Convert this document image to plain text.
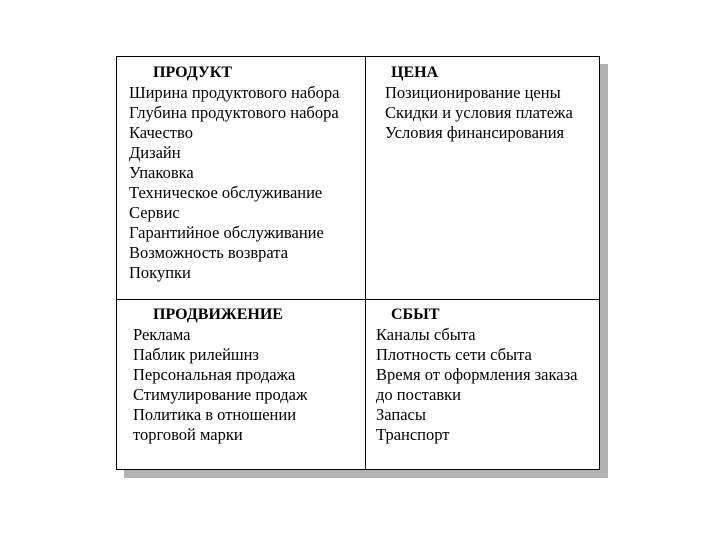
ПРОДУКТ
Ширина продуктового набора
Глубина продуктового набора
Качество
Дизайн
Упаковка
Техническое обслуживание
Сервис
Гарантийное обслуживание
Возможность возврата
Покупки
ЦЕНА
Позиционирование цены
Скидки и условия платежа
Условия финансирования
ПРОДВИЖЕНИЕ
Реклама
Паблик рилейшнз
Персональная продажа
Стимулирование продаж
Политика в отношении
торговой марки
СБЫТ
Каналы сбыта
Плотность сети сбыта
Время от оформления заказа
до поставки
Запасы
Транспорт
